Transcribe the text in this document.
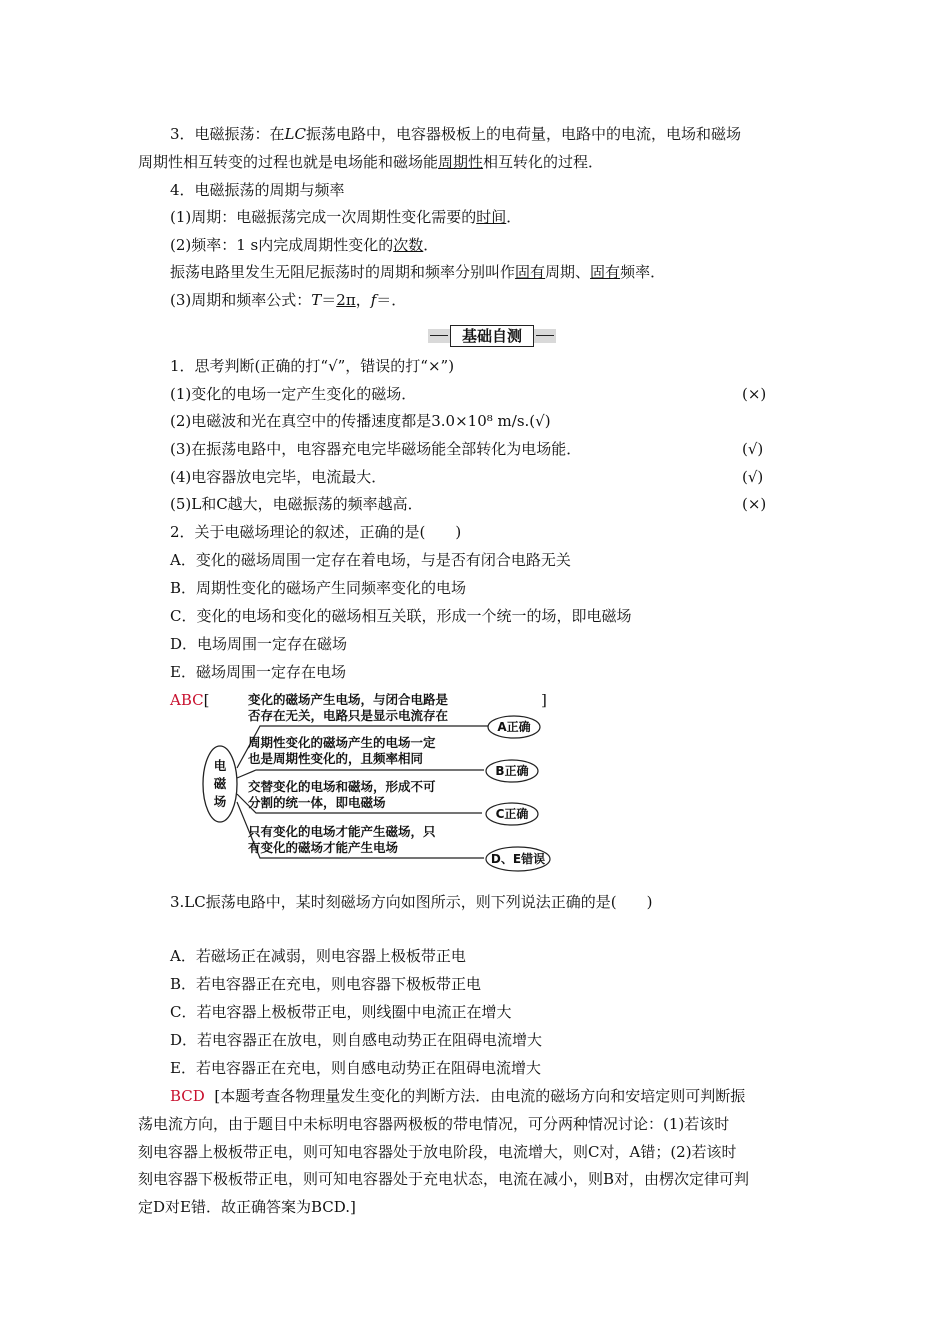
3．电磁振荡：在LC振荡电路中，电容器极板上的电荷量，电路中的电流，电场和磁场
周期性相互转变的过程也就是电场能和磁场能周期性相互转化的过程．
4．电磁振荡的周期与频率
(1)周期：电磁振荡完成一次周期性变化需要的时间．
(2)频率：1 s内完成周期性变化的次数．
振荡电路里发生无阻尼振荡时的周期和频率分别叫作固有周期、固有频率．
(3)周期和频率公式：T＝2π，f＝．
基础自测
1．思考判断(正确的打“√”，错误的打“×”)
(1)变化的电场一定产生变化的磁场．	(×)
(2)电磁波和光在真空中的传播速度都是3.0×10⁸ m/s.(√)
(3)在振荡电路中，电容器充电完毕磁场能全部转化为电场能．	(√)
(4)电容器放电完毕，电流最大．	(√)
(5)L和C越大，电磁振荡的频率越高．	(×)
2．关于电磁场理论的叙述，正确的是(　　)
A．变化的磁场周围一定存在着电场，与是否有闭合电路无关
B．周期性变化的磁场产生同频率变化的电场
C．变化的电场和变化的磁场相互关联，形成一个统一的场，即电磁场
D．电场周围一定存在磁场
E．磁场周围一定存在电场
ABC[	]
电
磁
场
变化的磁场产生电场，与闭合电路是
否存在无关，电路只是显示电流存在
周期性变化的磁场产生的电场一定
也是周期性变化的，且频率相同
交替变化的电场和磁场，形成不可
分割的统一体，即电磁场
只有变化的电场才能产生磁场，只
有变化的磁场才能产生电场
A正确
B正确
C正确
D、E错误
3.LC振荡电路中，某时刻磁场方向如图所示，则下列说法正确的是(　　)
A．若磁场正在减弱，则电容器上极板带正电
B．若电容器正在充电，则电容器下极板带正电
C．若电容器上极板带正电，则线圈中电流正在增大
D．若电容器正在放电，则自感电动势正在阻碍电流增大
E．若电容器正在充电，则自感电动势正在阻碍电流增大
BCD [本题考查各物理量发生变化的判断方法．由电流的磁场方向和安培定则可判断振
荡电流方向，由于题目中未标明电容器两极板的带电情况，可分两种情况讨论：(1)若该时
刻电容器上极板带正电，则可知电容器处于放电阶段，电流增大，则C对，A错；(2)若该时
刻电容器下极板带正电，则可知电容器处于充电状态，电流在减小，则B对，由楞次定律可判
定D对E错．故正确答案为BCD.]
